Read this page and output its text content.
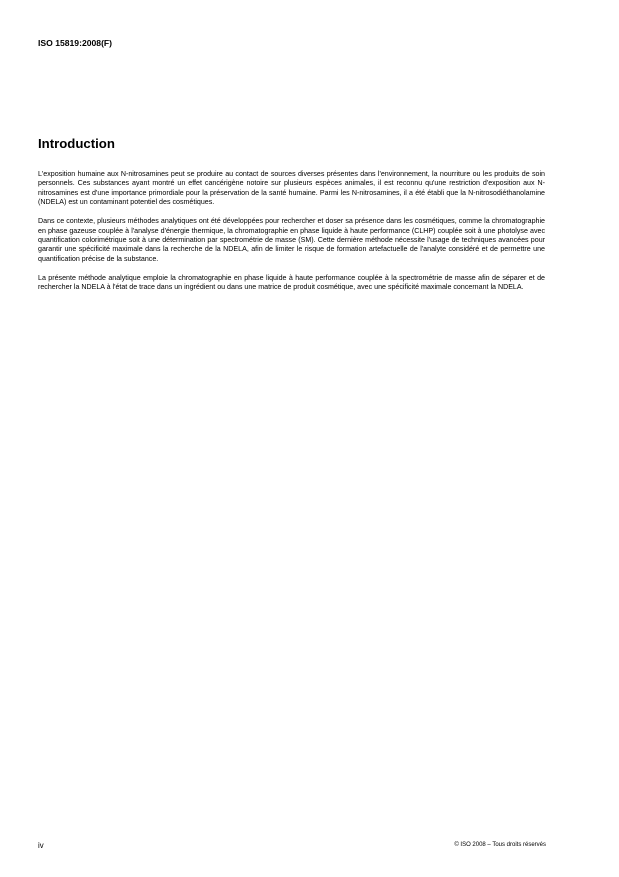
ISO 15819:2008(F)

Introduction

L'exposition humaine aux N-nitrosamines peut se produire au contact de sources diverses présentes dans l'environnement, la nourriture ou les produits de soin personnels. Ces substances ayant montré un effet cancérigène notoire sur plusieurs espèces animales, il est reconnu qu'une restriction d'exposition aux N-nitrosamines est d'une importance primordiale pour la préservation de la santé humaine. Parmi les N-nitrosamines, il a été établi que la N-nitrosodiéthanolamine (NDELA) est un contaminant potentiel des cosmétiques.

Dans ce contexte, plusieurs méthodes analytiques ont été développées pour rechercher et doser sa présence dans les cosmétiques, comme la chromatographie en phase gazeuse couplée à l'analyse d'énergie thermique, la chromatographie en phase liquide à haute performance (CLHP) couplée soit à une photolyse avec quantification colorimétrique soit à une détermination par spectrométrie de masse (SM). Cette dernière méthode nécessite l'usage de techniques avancées pour garantir une spécificité maximale dans la recherche de la NDELA, afin de limiter le risque de formation artefactuelle de l'analyte considéré et de permettre une quantification précise de la substance.

La présente méthode analytique emploie la chromatographie en phase liquide à haute performance couplée à la spectrométrie de masse afin de séparer et de rechercher la NDELA à l'état de trace dans un ingrédient ou dans une matrice de produit cosmétique, avec une spécificité maximale concernant la NDELA.

iv	© ISO 2008 – Tous droits réservés
